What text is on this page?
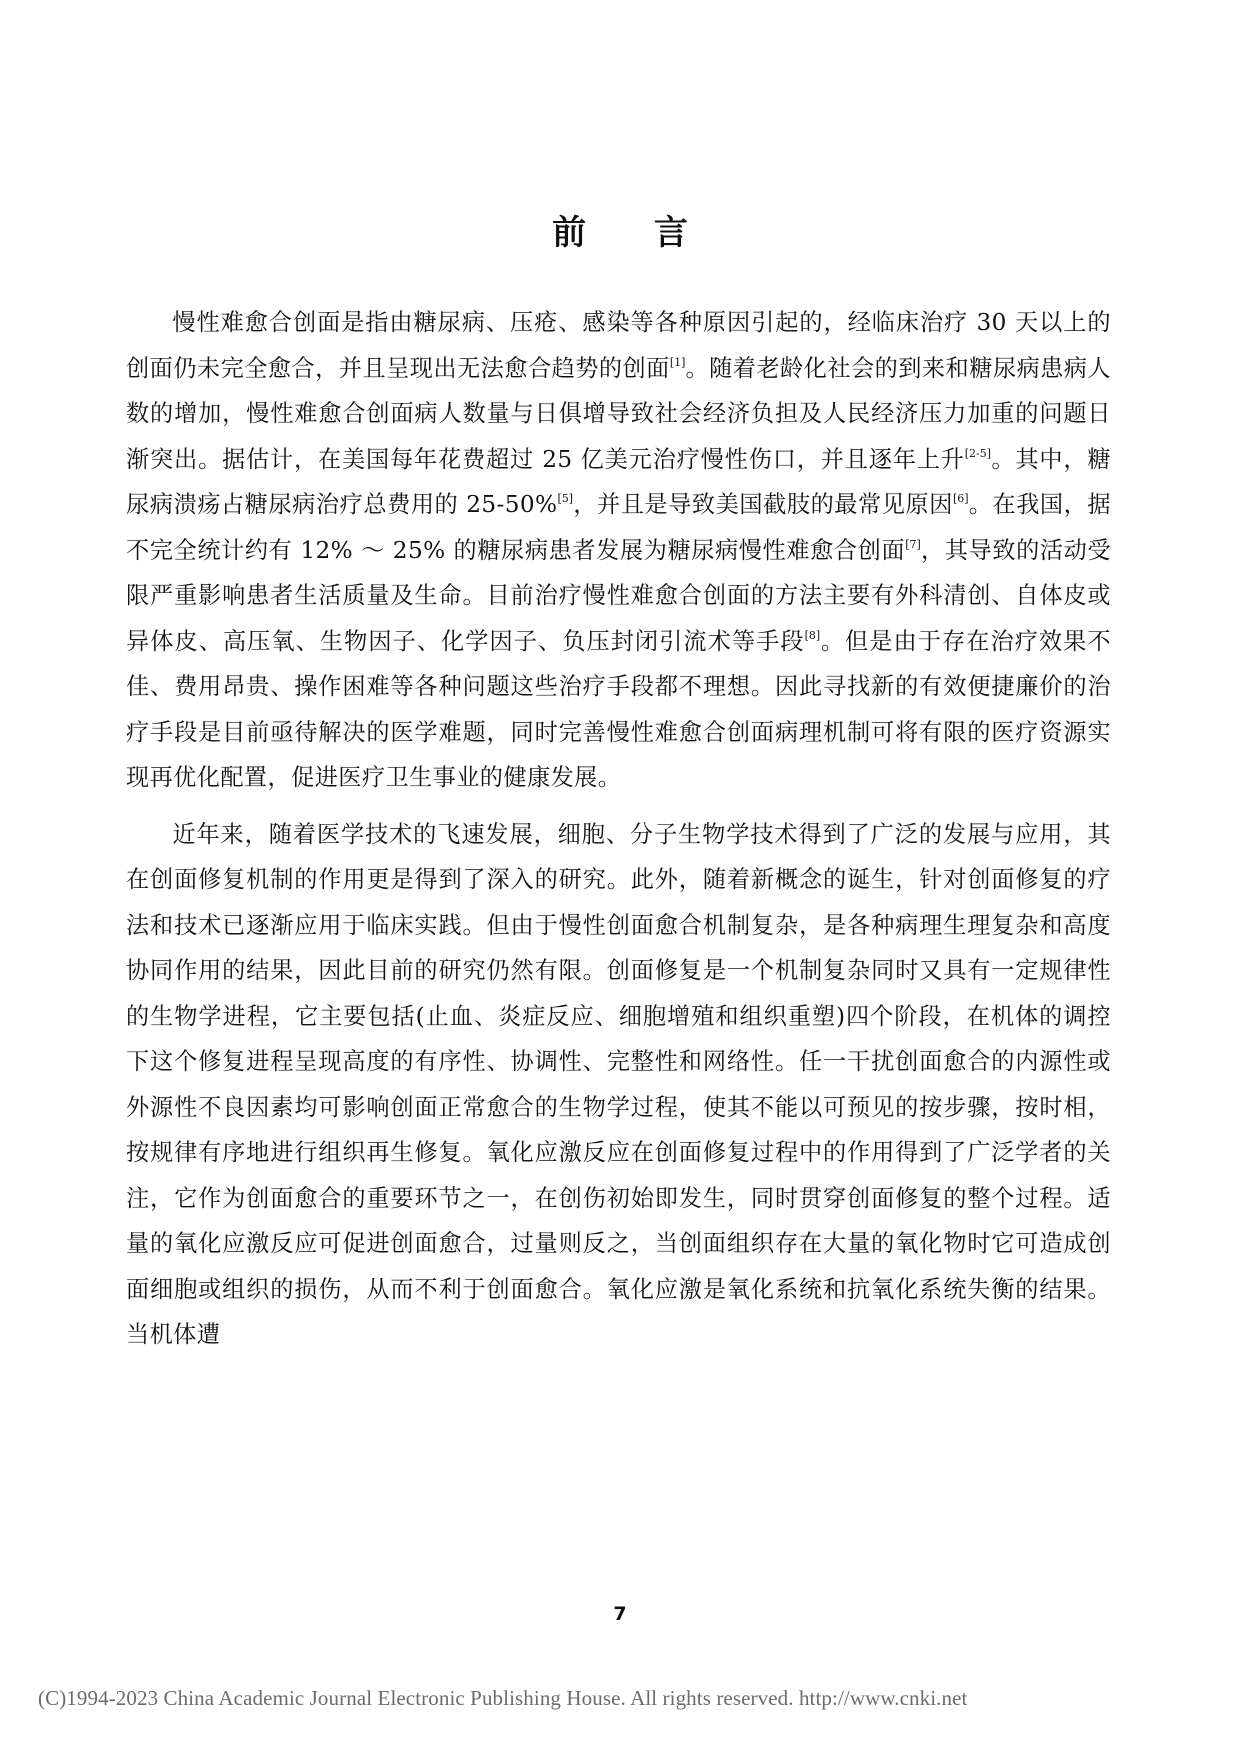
前 言

慢性难愈合创面是指由糖尿病、压疮、感染等各种原因引起的，经临床治疗 30 天以上的创面仍未完全愈合，并且呈现出无法愈合趋势的创面[1]。随着老龄化社会的到来和糖尿病患病人数的增加，慢性难愈合创面病人数量与日俱增导致社会经济负担及人民经济压力加重的问题日渐突出。据估计，在美国每年花费超过 25 亿美元治疗慢性伤口，并且逐年上升[2-5]。其中，糖尿病溃疡占糖尿病治疗总费用的 25-50%[5]，并且是导致美国截肢的最常见原因[6]。在我国，据不完全统计约有 12% ～ 25% 的糖尿病患者发展为糖尿病慢性难愈合创面[7]，其导致的活动受限严重影响患者生活质量及生命。目前治疗慢性难愈合创面的方法主要有外科清创、自体皮或异体皮、高压氧、生物因子、化学因子、负压封闭引流术等手段[8]。但是由于存在治疗效果不佳、费用昂贵、操作困难等各种问题这些治疗手段都不理想。因此寻找新的有效便捷廉价的治疗手段是目前亟待解决的医学难题，同时完善慢性难愈合创面病理机制可将有限的医疗资源实现再优化配置，促进医疗卫生事业的健康发展。

近年来，随着医学技术的飞速发展，细胞、分子生物学技术得到了广泛的发展与应用，其在创面修复机制的作用更是得到了深入的研究。此外，随着新概念的诞生，针对创面修复的疗法和技术已逐渐应用于临床实践。但由于慢性创面愈合机制复杂，是各种病理生理复杂和高度协同作用的结果，因此目前的研究仍然有限。创面修复是一个机制复杂同时又具有一定规律性的生物学进程，它主要包括(止血、炎症反应、细胞增殖和组织重塑)四个阶段，在机体的调控下这个修复进程呈现高度的有序性、协调性、完整性和网络性。任一干扰创面愈合的内源性或外源性不良因素均可影响创面正常愈合的生物学过程，使其不能以可预见的按步骤，按时相，按规律有序地进行组织再生修复。氧化应激反应在创面修复过程中的作用得到了广泛学者的关注，它作为创面愈合的重要环节之一，在创伤初始即发生，同时贯穿创面修复的整个过程。适量的氧化应激反应可促进创面愈合，过量则反之，当创面组织存在大量的氧化物时它可造成创面细胞或组织的损伤，从而不利于创面愈合。氧化应激是氧化系统和抗氧化系统失衡的结果。当机体遭

7
(C)1994-2023 China Academic Journal Electronic Publishing House. All rights reserved. http://www.cnki.net
